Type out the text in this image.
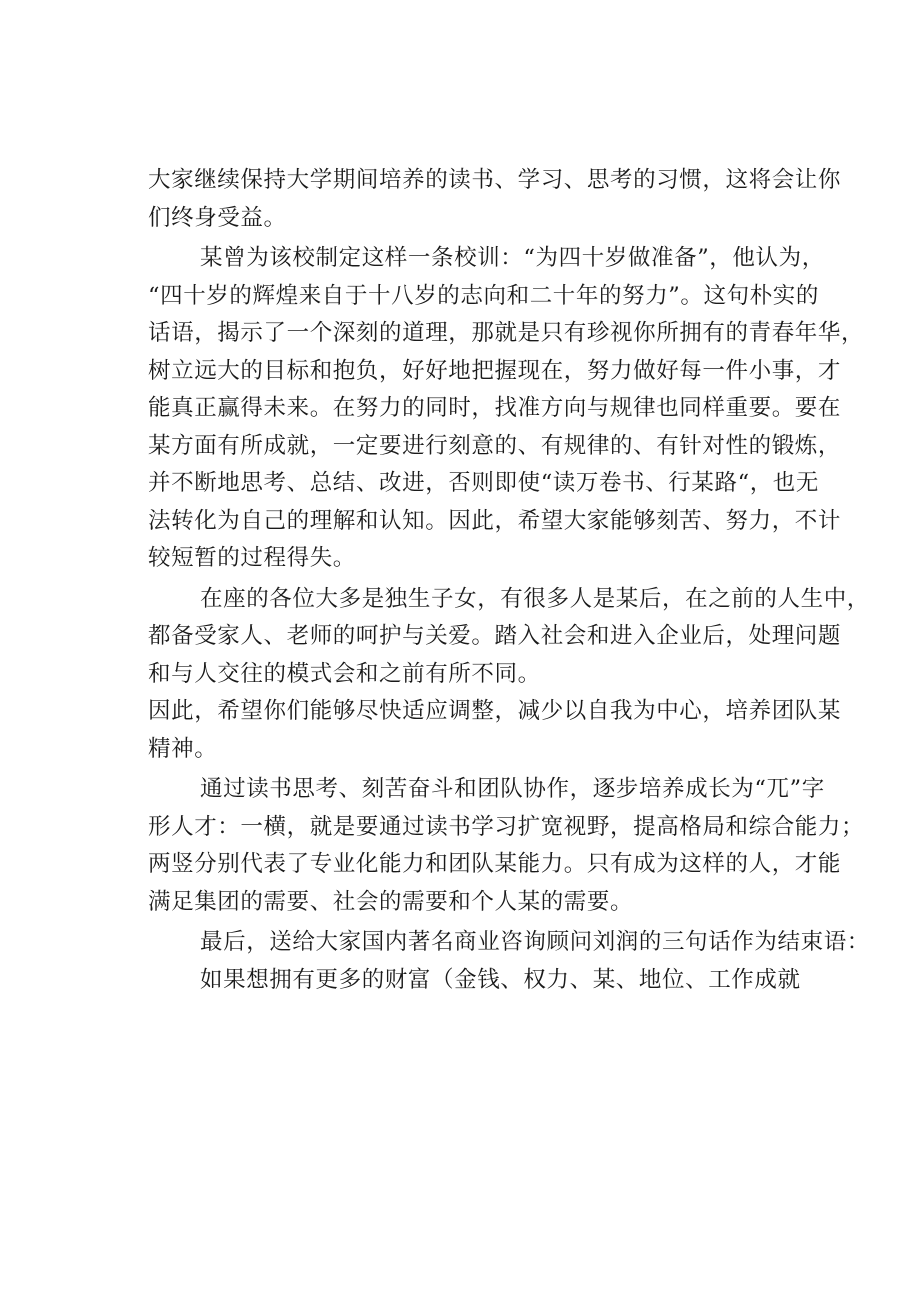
大家继续保持大学期间培养的读书、学习、思考的习惯，这将会让你
们终身受益。
某曾为该校制定这样一条校训：“为四十岁做准备”，他认为，
“四十岁的辉煌来自于十八岁的志向和二十年的努力”。这句朴实的
话语，揭示了一个深刻的道理，那就是只有珍视你所拥有的青春年华，
树立远大的目标和抱负，好好地把握现在，努力做好每一件小事，才
能真正赢得未来。在努力的同时，找准方向与规律也同样重要。要在
某方面有所成就，一定要进行刻意的、有规律的、有针对性的锻炼，
并不断地思考、总结、改进，否则即使“读万卷书、行某路“，也无
法转化为自己的理解和认知。因此，希望大家能够刻苦、努力，不计
较短暂的过程得失。
在座的各位大多是独生子女，有很多人是某后，在之前的人生中，
都备受家人、老师的呵护与关爱。踏入社会和进入企业后，处理问题
和与人交往的模式会和之前有所不同。
因此，希望你们能够尽快适应调整，减少以自我为中心，培养团队某
精神。
通过读书思考、刻苦奋斗和团队协作，逐步培养成长为“兀”字
形人才：一横，就是要通过读书学习扩宽视野，提高格局和综合能力；
两竖分别代表了专业化能力和团队某能力。只有成为这样的人，才能
满足集团的需要、社会的需要和个人某的需要。
最后，送给大家国内著名商业咨询顾问刘润的三句话作为结束语：
如果想拥有更多的财富（金钱、权力、某、地位、工作成就
